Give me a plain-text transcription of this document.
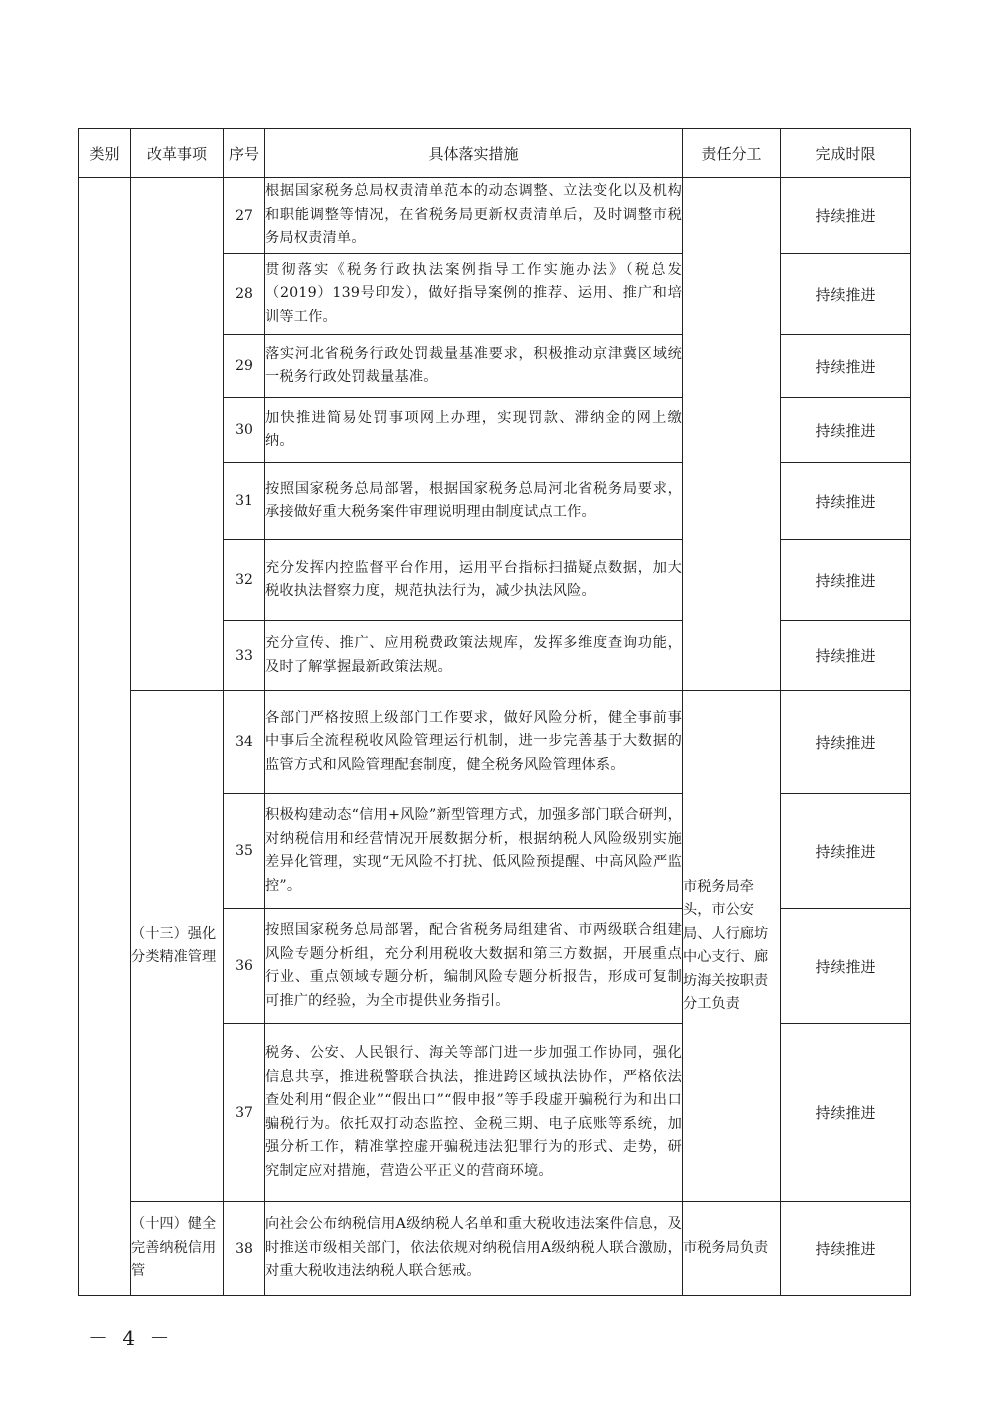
类别	改革事项	序号	具体落实措施	责任分工	完成时限
		27	根据国家税务总局权责清单范本的动态调整、立法变化以及机构和职能调整等情况，在省税务局更新权责清单后，及时调整市税务局权责清单。		持续推进
		28	贯彻落实《税务行政执法案例指导工作实施办法》（税总发（2019）139号印发），做好指导案例的推荐、运用、推广和培训等工作。		持续推进
		29	落实河北省税务行政处罚裁量基准要求，积极推动京津冀区域统一税务行政处罚裁量基准。		持续推进
		30	加快推进简易处罚事项网上办理，实现罚款、滞纳金的网上缴纳。		持续推进
		31	按照国家税务总局部署，根据国家税务总局河北省税务局要求，承接做好重大税务案件审理说明理由制度试点工作。		持续推进
		32	充分发挥内控监督平台作用，运用平台指标扫描疑点数据，加大税收执法督察力度，规范执法行为，减少执法风险。		持续推进
		33	充分宣传、推广、应用税费政策法规库，发挥多维度查询功能，及时了解掌握最新政策法规。		持续推进
	（十三）强化分类精准管理	34	各部门严格按照上级部门工作要求，做好风险分析，健全事前事中事后全流程税收风险管理运行机制，进一步完善基于大数据的监管方式和风险管理配套制度，健全税务风险管理体系。	市税务局牵头，市公安局、人行廊坊中心支行、廊坊海关按职责分工负责	持续推进
		35	积极构建动态“信用+风险”新型管理方式，加强多部门联合研判，对纳税信用和经营情况开展数据分析，根据纳税人风险级别实施差异化管理，实现“无风险不打扰、低风险预提醒、中高风险严监控”。		持续推进
		36	按照国家税务总局部署，配合省税务局组建省、市两级联合组建风险专题分析组，充分利用税收大数据和第三方数据，开展重点行业、重点领域专题分析，编制风险专题分析报告，形成可复制可推广的经验，为全市提供业务指引。		持续推进
		37	税务、公安、人民银行、海关等部门进一步加强工作协同，强化信息共享，推进税警联合执法，推进跨区域执法协作，严格依法查处利用“假企业”“假出口”“假申报”等手段虚开骗税行为和出口骗税行为。依托双打动态监控、金税三期、电子底账等系统，加强分析工作，精准掌控虚开骗税违法犯罪行为的形式、走势，研究制定应对措施，营造公平正义的营商环境。		持续推进
	（十四）健全完善纳税信用管	38	向社会公布纳税信用A级纳税人名单和重大税收违法案件信息，及时推送市级相关部门，依法依规对纳税信用A级纳税人联合激励，对重大税收违法纳税人联合惩戒。	市税务局负责	持续推进
－ 4 －
